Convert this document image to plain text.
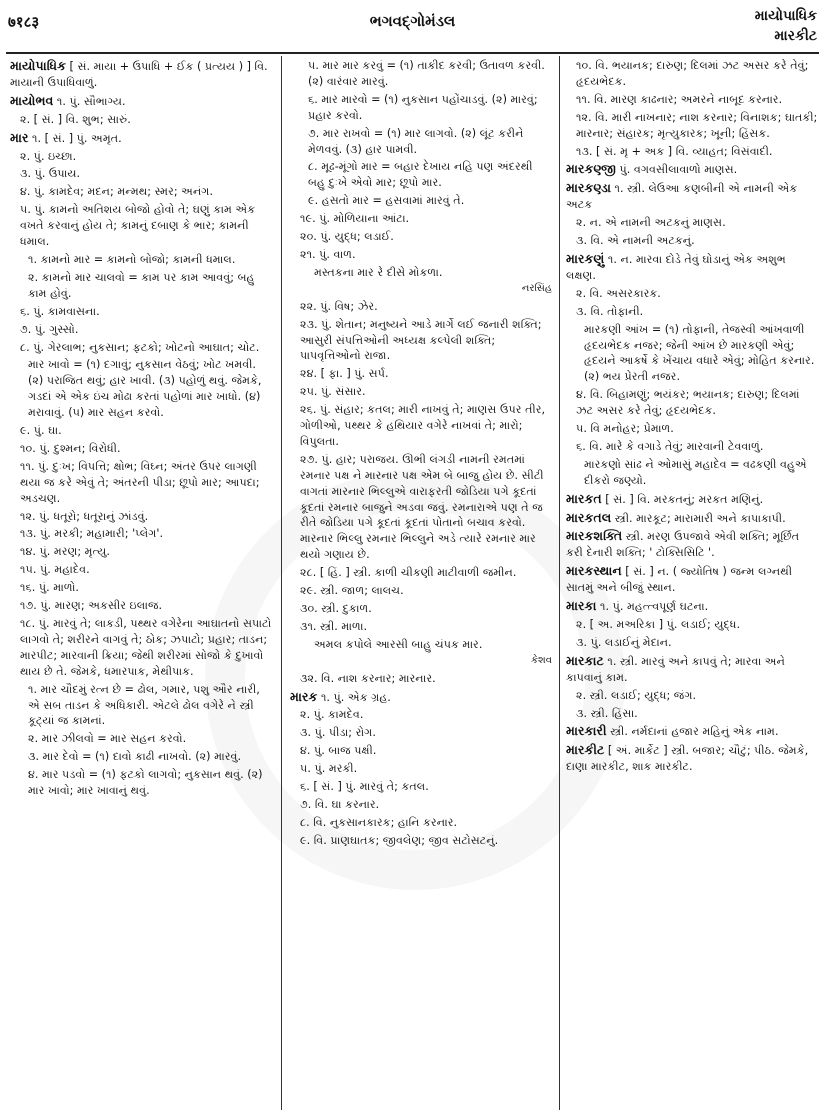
७१८३	ભગવદ્ગોમંડલ	માયોપાધિક
મારકીટ
માયોપાધિક [ સં. માયા + ઉપાધિ + ઈક ( પ્રત્યય ) ] વિ. માયાની ઉપાધિવાળું.
માયોભવ ૧. પું. સૌભાગ્ય.
૨. [ સં. ] વિ. શુભ; સારું.
માર ૧. [ સં. ] પું. અમૃત.
૨. પું. ઇચ્છા.
૩. પું. ઉપાય.
૪. પું. કામદેવ; મદન; મન્મથ; સ્મર; અનંગ.
૫. પું. કામનો અતિશય બોજો હોવો તે; ઘણું કામ એક વખતે કરવાનું હોય તે; કામનું દબાણ કે ભાર; કામની ધમાલ.
૧. કામનો માર = કામનો બોજો; કામની ધમાલ.
૨. કામનો માર ચાલવો = કામ પર કામ આવવું; બહુ કામ હોવું.
૬. પું. કામવાસના.
૭. પું. ગુસ્સો.
૮. પું. ગેરલાભ; નુકસાન; ફટકો; ખોટનો આઘાત; ચોટ.
માર ખાવો = (૧) દગાવું; નુકસાન વેઠવું; ખોટ ખમવી. (૨) પરાજિત થવું; હાર ખાવી. (૩) પહોળું થવું. જેમકે, ગડદાં એ એક ઇંચ મોઢા કરતાં પહોળાં માર ખાધો. (૪) મરાવાવું. (૫) માર સહન કરવો.
૯. પું. ઘા.
૧૦. પું. દુશ્મન; વિરોધી.
૧૧. પું. દુઃખ; વિપત્તિ; ક્ષોભ; વિઘ્ન; અંતર ઉપર લાગણી થયા જ કરે એવું તે; અંતરની પીડા; છૂપો માર; આપદા; અડચણ.
૧૨. પું. ધતૂરો; ધતૂરાનું ઝાંડવું.
૧૩. પું. મરકી; મહામારી; 'પ્લેગ'.
૧૪. પું. મરણ; મૃત્યુ.
૧૫. પું. મહાદેવ.
૧૬. પું. માળો.
૧૭. પું. મારણ; અકસીર ઇલાજ.
૧૮. પું. મારવું તે; લાકડી, પથ્થર વગેરેના આઘાતનો સપાટો લાગવો તે; શરીરને વાગવું તે; ઠોક; ઝપાટો; પ્રહાર; તાડન; મારપીટ; મારવાની ક્રિયા; જેથી શરીરમાં સોજો કે દુખાવો થાય છે તે. જેમકે, ધમારપાક, મેથીપાક.
૧. માર ચૌદમું રત્ન છે = ઢોલ, ગમાર, પશુ ઔર નારી, એ સબ તાડન કે અધિકારી. એટલે ઢોલ વગેરે ને સ્ત્રી કૂટ્યાં જ કામનાં.
૨. માર ઝીલવો = માર સહન કરવો.
૩. માર દેવો = (૧) દાવો કાઢી નાખવો. (૨) મારવું.
૪. માર પડવો = (૧) ફટકો લાગવો; નુકસાન થવું. (૨) માર ખાવો; માર ખાવાનું થવું.
૫. માર માર કરવું = (૧) તાકીદ કરવી; ઉતાવળ કરવી. (૨) વારંવાર મારવું.
૬. માર મારવો = (૧) નુકસાન પહોંચાડવું. (૨) મારવું; પ્રહાર કરવો.
૭. માર રાખવો = (૧) માર લાગવો. (૨) લૂંટ કરીને મેળવવું. (૩) હાર પામવી.
૮. મૂઢ-મૂંગો માર = બહાર દેખાય નહિ પણ અંદરથી બહુ દુઃખે એવો માર; છૂપો માર.
૯. હસતો માર = હસવામાં મારવું તે.
૧૯. પું. મોળિયાના આંટા.
૨૦. પું. યુદ્ધ; લડાઈ.
૨૧. પું. વાળ.
મસ્તકના માર રે દીસે મોકળા.
નરસિંહ
૨૨. પું. વિષ; ઝેર.
૨૩. પું. શેતાન; મનુષ્યને આડે માર્ગે લઈ જનારી શક્તિ; આસુરી સંપત્તિઓની અધ્યક્ષ કલ્પેલી શક્તિ; પાપવૃત્તિઓનો રાજા.
૨૪. [ ફા. ] પું. સર્પ.
૨૫. પું. સંસાર.
૨૬. પું. સંહાર; કતલ; મારી નાખવું તે; માણસ ઉપર તીર, ગોળીઓ, પથ્થર કે હથિયાર વગેરે નાખવાં તે; મારો; વિપુલતા.
૨૭. પું. હાર; પરાજય. ઊભી લંગડી નામની રમતમાં રમનાર પક્ષ ને મારનાર પક્ષ એમ બે બાજુ હોય છે. સીટી વાગતાં મારનાર ભિલ્લુએ વારાફરતી જોડિયા પગે કૂદતાં કૂદતાં રમનાર બાજુને અડવા જવું. રમનારાએ પણ તે જ રીતે જોડિયા પગે કૂદતાં કૂદતાં પોતાનો બચાવ કરવો. મારનાર ભિલ્લુ રમનાર ભિલ્લુને અડે ત્યારે રમનાર માર થયો ગણાય છે.
૨૮. [ હિં. ] સ્ત્રી. કાળી ચીકણી માટીવાળી જમીન.
૨૯. સ્ત્રી. જાળ; લાલચ.
૩૦. સ્ત્રી. દુકાળ.
૩૧. સ્ત્રી. માળા.
અમલ કપોલે આરસી બાહુ ચંપક માર.
કેશવ
૩૨. વિ. નાશ કરનાર; મારનાર.
મારક ૧. પું. એક ગ્રહ.
૨. પું. કામદેવ.
૩. પું. પીડા; રોગ.
૪. પું. બાજ પક્ષી.
૫. પું. મરકી.
૬. [ સં. ] પું. મારવું તે; કતલ.
૭. વિ. ઘા કરનાર.
૮. વિ. નુકસાનકારક; હાનિ કરનાર.
૯. વિ. પ્રાણઘાતક; જીવલેણ; જીવ સટોસટનું.
૧૦. વિ. ભયાનક; દારુણ; દિલમાં ઝટ અસર કરે તેવું; હૃદયભેદક.
૧૧. વિ. મારણ કાઢનાર; અમરને નાબૂદ કરનાર.
૧૨. વિ. મારી નાખનાર; નાશ કરનાર; વિનાશક; ઘાતકી; મારનાર; સંહારક; મૃત્યુકારક; ખૂની; હિંસક.
૧૩. [ સં. મૃ + અક ] વિ. વ્યાહત; વિસંવાદી.
મારકણ્જી પું. વગવસીલાવાળો માણસ.
મારકણ્ડા ૧. સ્ત્રી. લેઉઆ કણબીની એ નામની એક અટક
૨. ન. એ નામની અટકનું માણસ.
૩. વિ. એ નામની અટકનું.
મારકણું ૧. ન. મારવા દોડે તેવું ઘોડાનું એક અશુભ લક્ષણ.
૨. વિ. અસરકારક.
૩. વિ. તોફાની.
મારકણી આંખ = (૧) તોફાની, તેજસ્વી આંખવાળી હૃદયભેદક નજર; જેની આંખ છે મારકણી એવું; હૃદયને આકર્ષે કે ખેંચાય વધારે એવું; મોહિત કરનાર. (૨) ભય પ્રેરતી નજર.
૪. વિ. બિહામણું; ભયંકર; ભયાનક; દારુણ; દિલમાં ઝટ અસર કરે તેવું; હૃદયભેદક.
૫. વિ મનોહર; પ્રેમાળ.
૬. વિ. મારે કે વગાડે તેવું; મારવાની ટેવવાળું.
મારકણો સાંઢ ને ઓમાસું મહાદેવ = વઢકણી વહુએ દીકરો જણ્યો.
મારકત [ સં. ] વિ. મરકતનું; મરકત મણિનું.
મારકતલ સ્ત્રી. મારકૂટ; મારામારી અને કાપાકાપી.
મારકશક્તિ સ્ત્રી. મરણ ઉપજાવે એવી શક્તિ; મૂર્છિત કરી દેનારી શક્તિ; ' ટોક્સિસિટિ '.
મારકસ્થાન [ સં. ] ન. ( જ્યોતિષ ) જન્મ લગ્નથી સાતમું અને બીજું સ્થાન.
મારકા ૧. પું. મહત્ત્વપૂર્ણ ઘટના.
૨. [ અ. મઅરિકા ] પું. લડાઈ; યુદ્ધ.
૩. પું. લડાઈનું મેદાન.
મારકાટ ૧. સ્ત્રી. મારવું અને કાપવું તે; મારવા અને કાપવાનું કામ.
૨. સ્ત્રી. લડાઈ; યુદ્ધ; જંગ.
૩. સ્ત્રી. હિંસા.
મારકારી સ્ત્રી. નર્મદાનાં હજાર મહિનું એક નામ.
મારકીટ [ અં. માર્કેટ ] સ્ત્રી. બજાર; ચૌટું; પીઠ. જેમકે, દાણા મારકીટ, શાક મારકીટ.
